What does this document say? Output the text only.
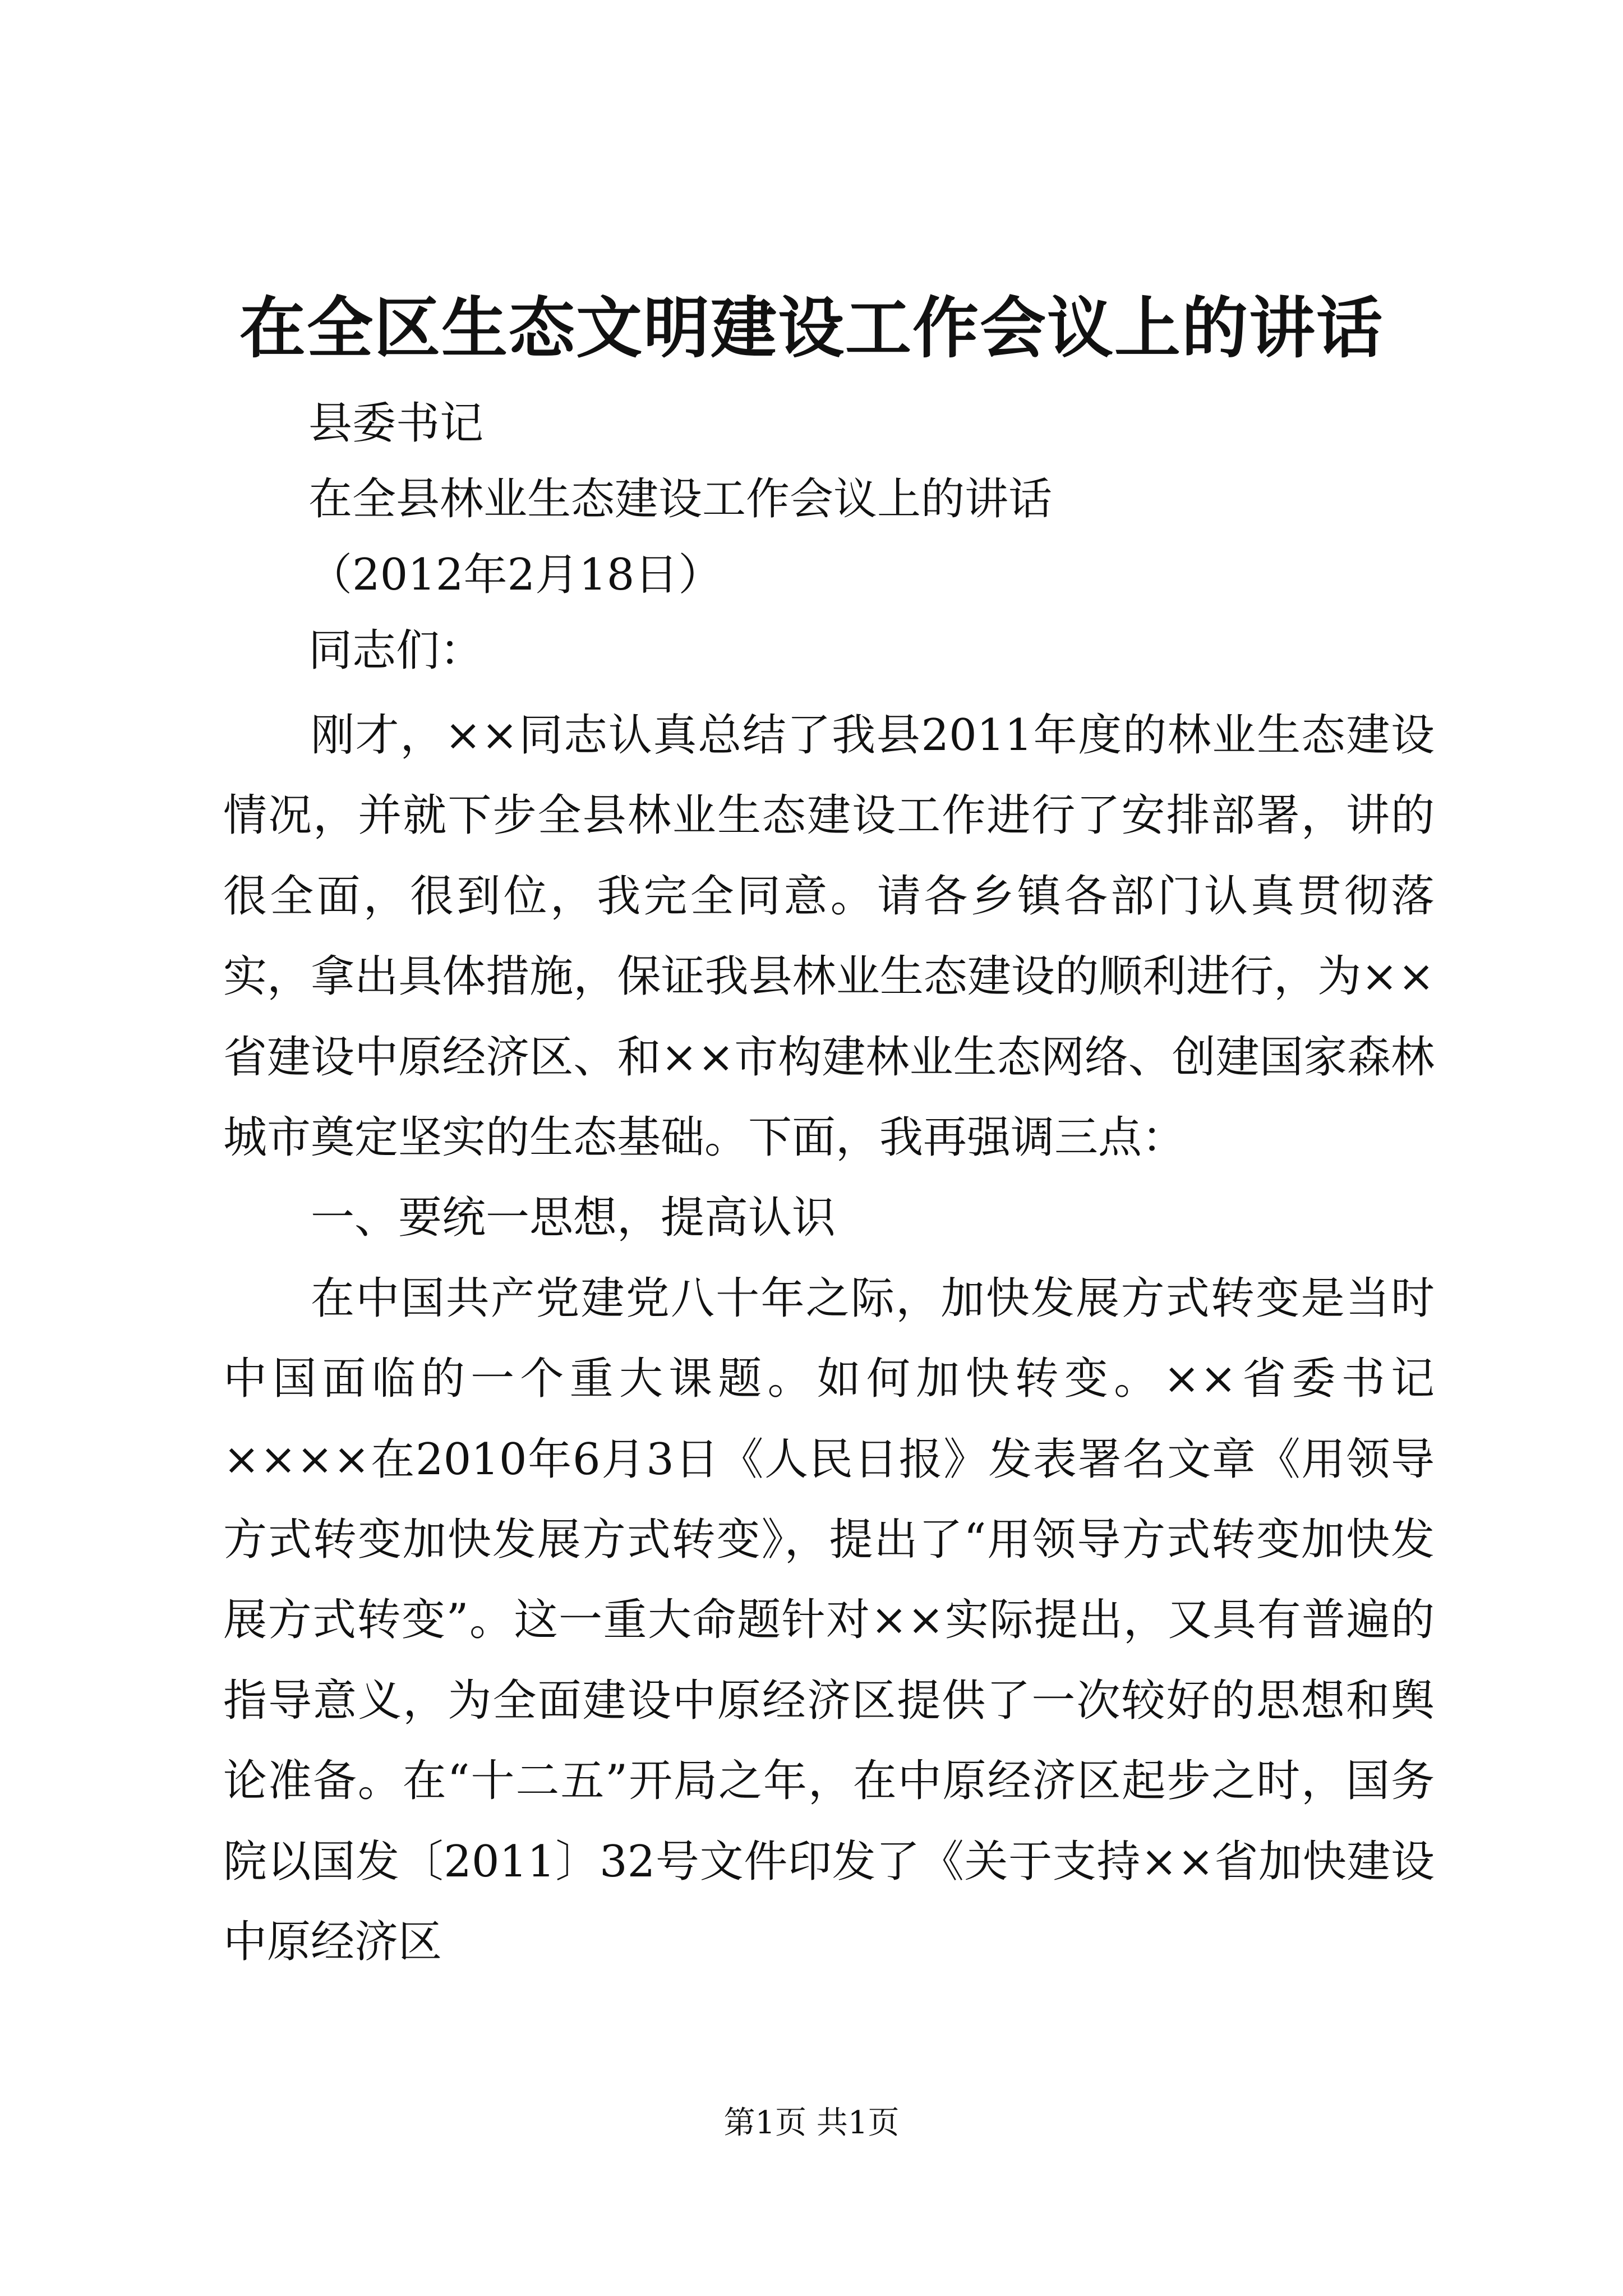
在全区生态文明建设工作会议上的讲话
县委书记
在全县林业生态建设工作会议上的讲话
（2012年2月18日）
同志们：

刚才，××同志认真总结了我县2011年度的林业生态建设情况，并就下步全县林业生态建设工作进行了安排部署，讲的很全面，很到位，我完全同意。请各乡镇各部门认真贯彻落实，拿出具体措施，保证我县林业生态建设的顺利进行，为××省建设中原经济区、和××市构建林业生态网络、创建国家森林城市奠定坚实的生态基础。下面，我再强调三点：

一、要统一思想，提高认识

在中国共产党建党八十年之际，加快发展方式转变是当时中国面临的一个重大课题。如何加快转变。××省委书记××××在2010年6月3日《人民日报》发表署名文章《用领导方式转变加快发展方式转变》，提出了“用领导方式转变加快发展方式转变”。这一重大命题针对××实际提出，又具有普遍的指导意义，为全面建设中原经济区提供了一次较好的思想和舆论准备。在“十二五”开局之年，在中原经济区起步之时，国务院以国发〔2011〕32号文件印发了《关于支持××省加快建设中原经济区

第1页 共1页
